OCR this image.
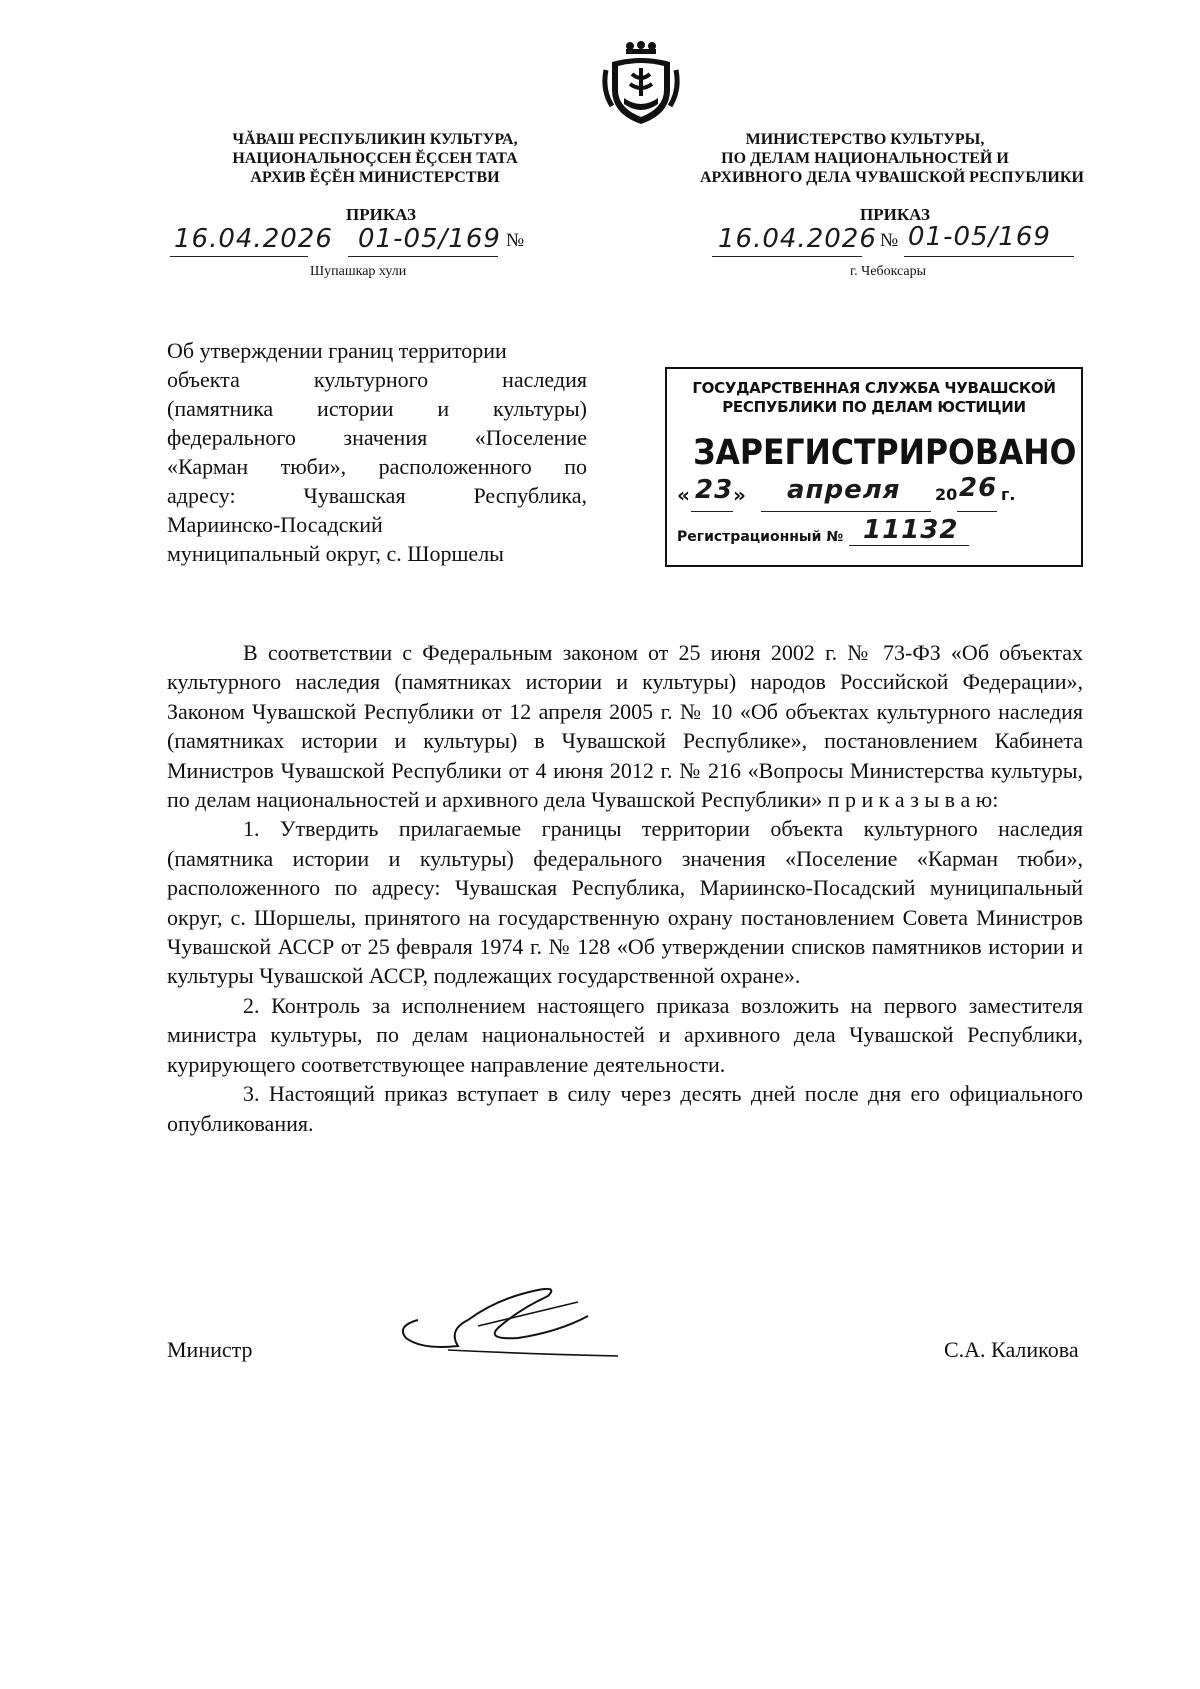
ЧĂВАШ РЕСПУБЛИКИН КУЛЬТУРА,
НАЦИОНАЛЬНОÇСЕН ĔÇСЕН ТАТА
АРХИВ ĔÇĔН МИНИСТЕРСТВИ
ПРИКАЗ
16.04.2026 01-05/169 №
Шупашкар хули
МИНИСТЕРСТВО КУЛЬТУРЫ,
ПО ДЕЛАМ НАЦИОНАЛЬНОСТЕЙ И
АРХИВНОГО ДЕЛА ЧУВАШСКОЙ РЕСПУБЛИКИ
ПРИКАЗ
16.04.2026 № 01-05/169
г. Чебоксары

Об утверждении границ территории

объекта культурного наследия

(памятника истории и культуры)

федерального значения «Поселение

«Карман тюби», расположенного по

адресу: Чувашская Республика,

Мариинско-Посадский

муниципальный округ, с. Шоршелы

ГОСУДАРСТВЕННАЯ СЛУЖБА ЧУВАШСКОЙ
РЕСПУБЛИКИ ПО ДЕЛАМ ЮСТИЦИИ
ЗАРЕГИСТРИРОВАНО
« 23 » апреля 20 26 г.
Регистрационный № 11132

В соответствии с Федеральным законом от 25 июня 2002 г. № 73-ФЗ «Об объектах культурного наследия (памятниках истории и культуры) народов Российской Федерации», Законом Чувашской Республики от 12 апреля 2005 г. № 10 «Об объектах культурного наследия (памятниках истории и культуры) в Чувашской Республике», постановлением Кабинета Министров Чувашской Республики от 4 июня 2012 г. № 216 «Вопросы Министерства культуры, по делам национальностей и архивного дела Чувашской Республики» п р и к а з ы в а ю:

1. Утвердить прилагаемые границы территории объекта культурного наследия (памятника истории и культуры) федерального значения «Поселение «Карман тюби», расположенного по адресу: Чувашская Республика, Мариинско-Посадский муниципальный округ, с. Шоршелы, принятого на государственную охрану постановлением Совета Министров Чувашской АССР от 25 февраля 1974 г. № 128 «Об утверждении списков памятников истории и культуры Чувашской АССР, подлежащих государственной охране».

2. Контроль за исполнением настоящего приказа возложить на первого заместителя министра культуры, по делам национальностей и архивного дела Чувашской Республики, курирующего соответствующее направление деятельности.

3. Настоящий приказ вступает в силу через десять дней после дня его официального опубликования.

Министр	С.А. Каликова
